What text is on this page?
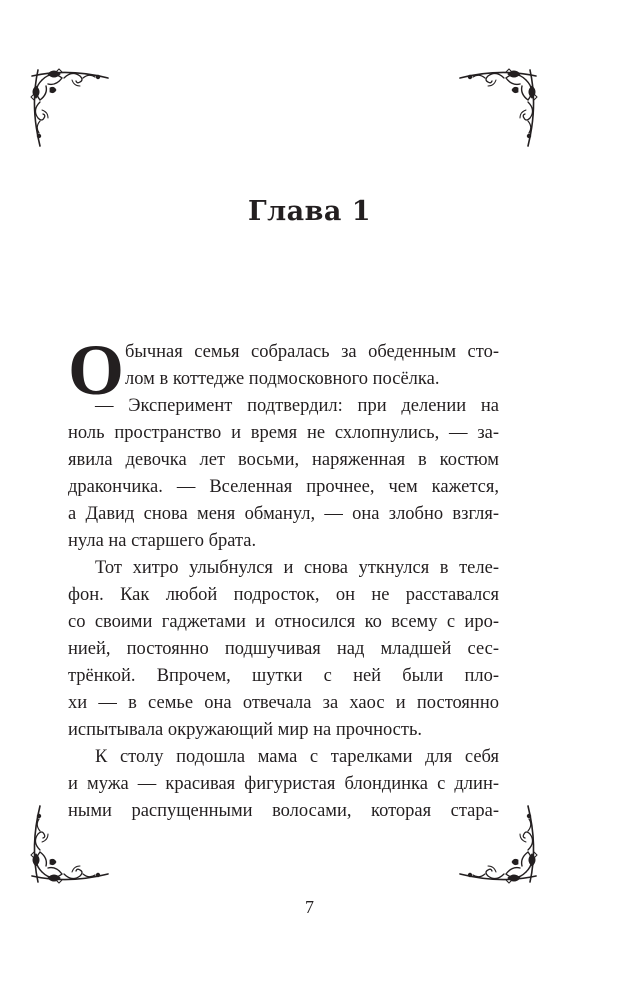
Глава 1
О бычная семья собралась за обеденным сто-
лом в коттедже подмосковного посёлка.
— Эксперимент подтвердил: при делении на
ноль пространство и время не схлопнулись, — за-
явила девочка лет восьми, наряженная в костюм
дракончика. — Вселенная прочнее, чем кажется,
а Давид снова меня обманул, — она злобно взгля-
нула на старшего брата.
Тот хитро улыбнулся и снова уткнулся в теле-
фон. Как любой подросток, он не расставался
со своими гаджетами и относился ко всему с иро-
нией, постоянно подшучивая над младшей сес-
трёнкой. Впрочем, шутки с ней были пло-
хи — в семье она отвечала за хаос и постоянно
испытывала окружающий мир на прочность.
К столу подошла мама с тарелками для себя
и мужа — красивая фигуристая блондинка с длин-
ными распущенными волосами, которая стара-
7
